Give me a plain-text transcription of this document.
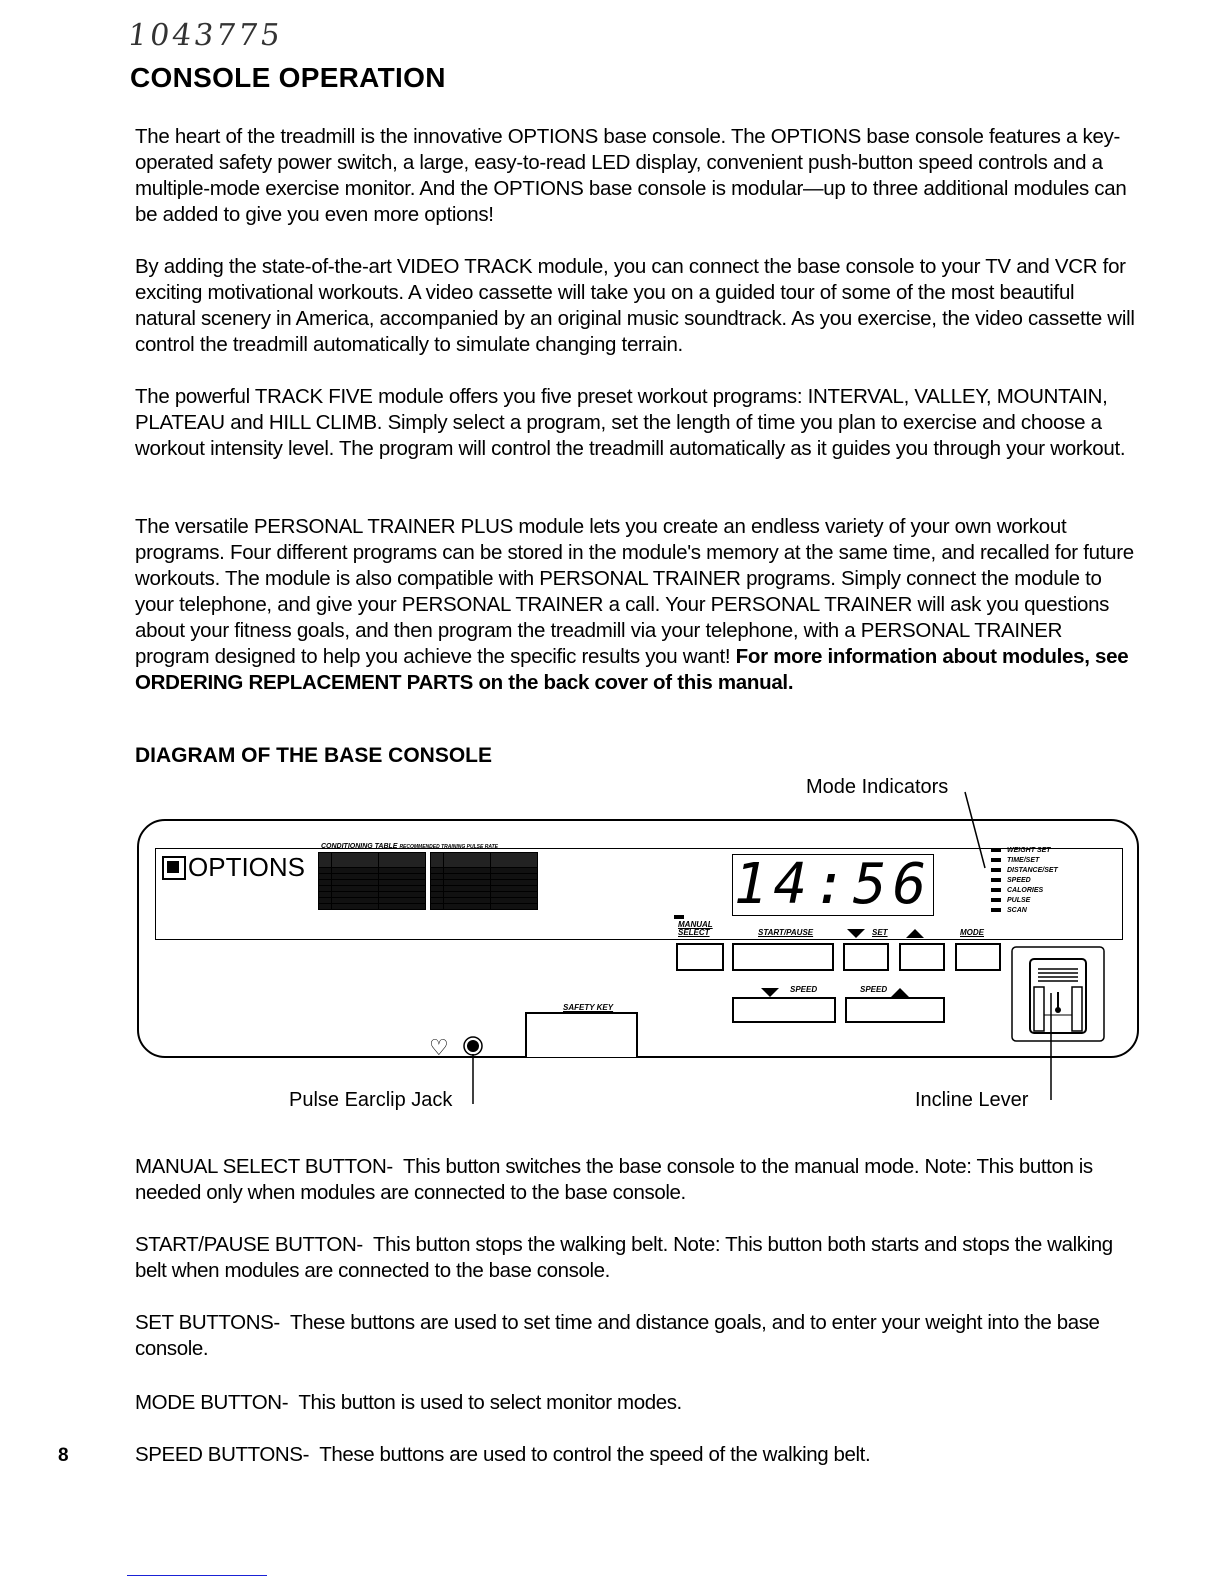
1043775
CONSOLE OPERATION
The heart of the treadmill is the innovative OPTIONS base console. The OPTIONS base console features a key-operated safety power switch, a large, easy-to-read LED display, convenient push-button speed controls and a multiple-mode exercise monitor. And the OPTIONS base console is modular—up to three additional modules can be added to give you even more options!
By adding the state-of-the-art VIDEO TRACK module, you can connect the base console to your TV and VCR for exciting motivational workouts. A video cassette will take you on a guided tour of some of the most beautiful natural scenery in America, accompanied by an original music soundtrack. As you exercise, the video cassette will control the treadmill automatically to simulate changing terrain.
The powerful TRACK FIVE module offers you five preset workout programs: INTERVAL, VALLEY, MOUNTAIN, PLATEAU and HILL CLIMB. Simply select a program, set the length of time you plan to exercise and choose a workout intensity level. The program will control the treadmill automatically as it guides you through your workout.
The versatile PERSONAL TRAINER PLUS module lets you create an endless variety of your own workout programs. Four different programs can be stored in the module's memory at the same time, and recalled for future workouts. The module is also compatible with PERSONAL TRAINER programs. Simply connect the module to your telephone, and give your PERSONAL TRAINER a call. Your PERSONAL TRAINER will ask you questions about your fitness goals, and then program the treadmill via your telephone, with a PERSONAL TRAINER program designed to help you achieve the specific results you want! For more information about modules, see ORDERING REPLACEMENT PARTS on the back cover of this manual.
DIAGRAM OF THE BASE CONSOLE
Mode Indicators
OPTIONS
CONDITIONING TABLE RECOMMENDED TRAINING PULSE RATE

14:56
MANUAL SELECT	START/PAUSE	SET	MODE
WEIGHT SET
TIME/SET
DISTANCE/SET
SPEED
CALORIES
PULSE
SCAN
SPEED	SPEED
♡
SAFETY KEY
Pulse Earclip Jack	Incline Lever
MANUAL SELECT BUTTON- This button switches the base console to the manual mode. Note: This button is needed only when modules are connected to the base console.
START/PAUSE BUTTON- This button stops the walking belt. Note: This button both starts and stops the walking belt when modules are connected to the base console.
SET BUTTONS- These buttons are used to set time and distance goals, and to enter your weight into the base console.
MODE BUTTON- This button is used to select monitor modes.
SPEED BUTTONS- These buttons are used to control the speed of the walking belt.
8
